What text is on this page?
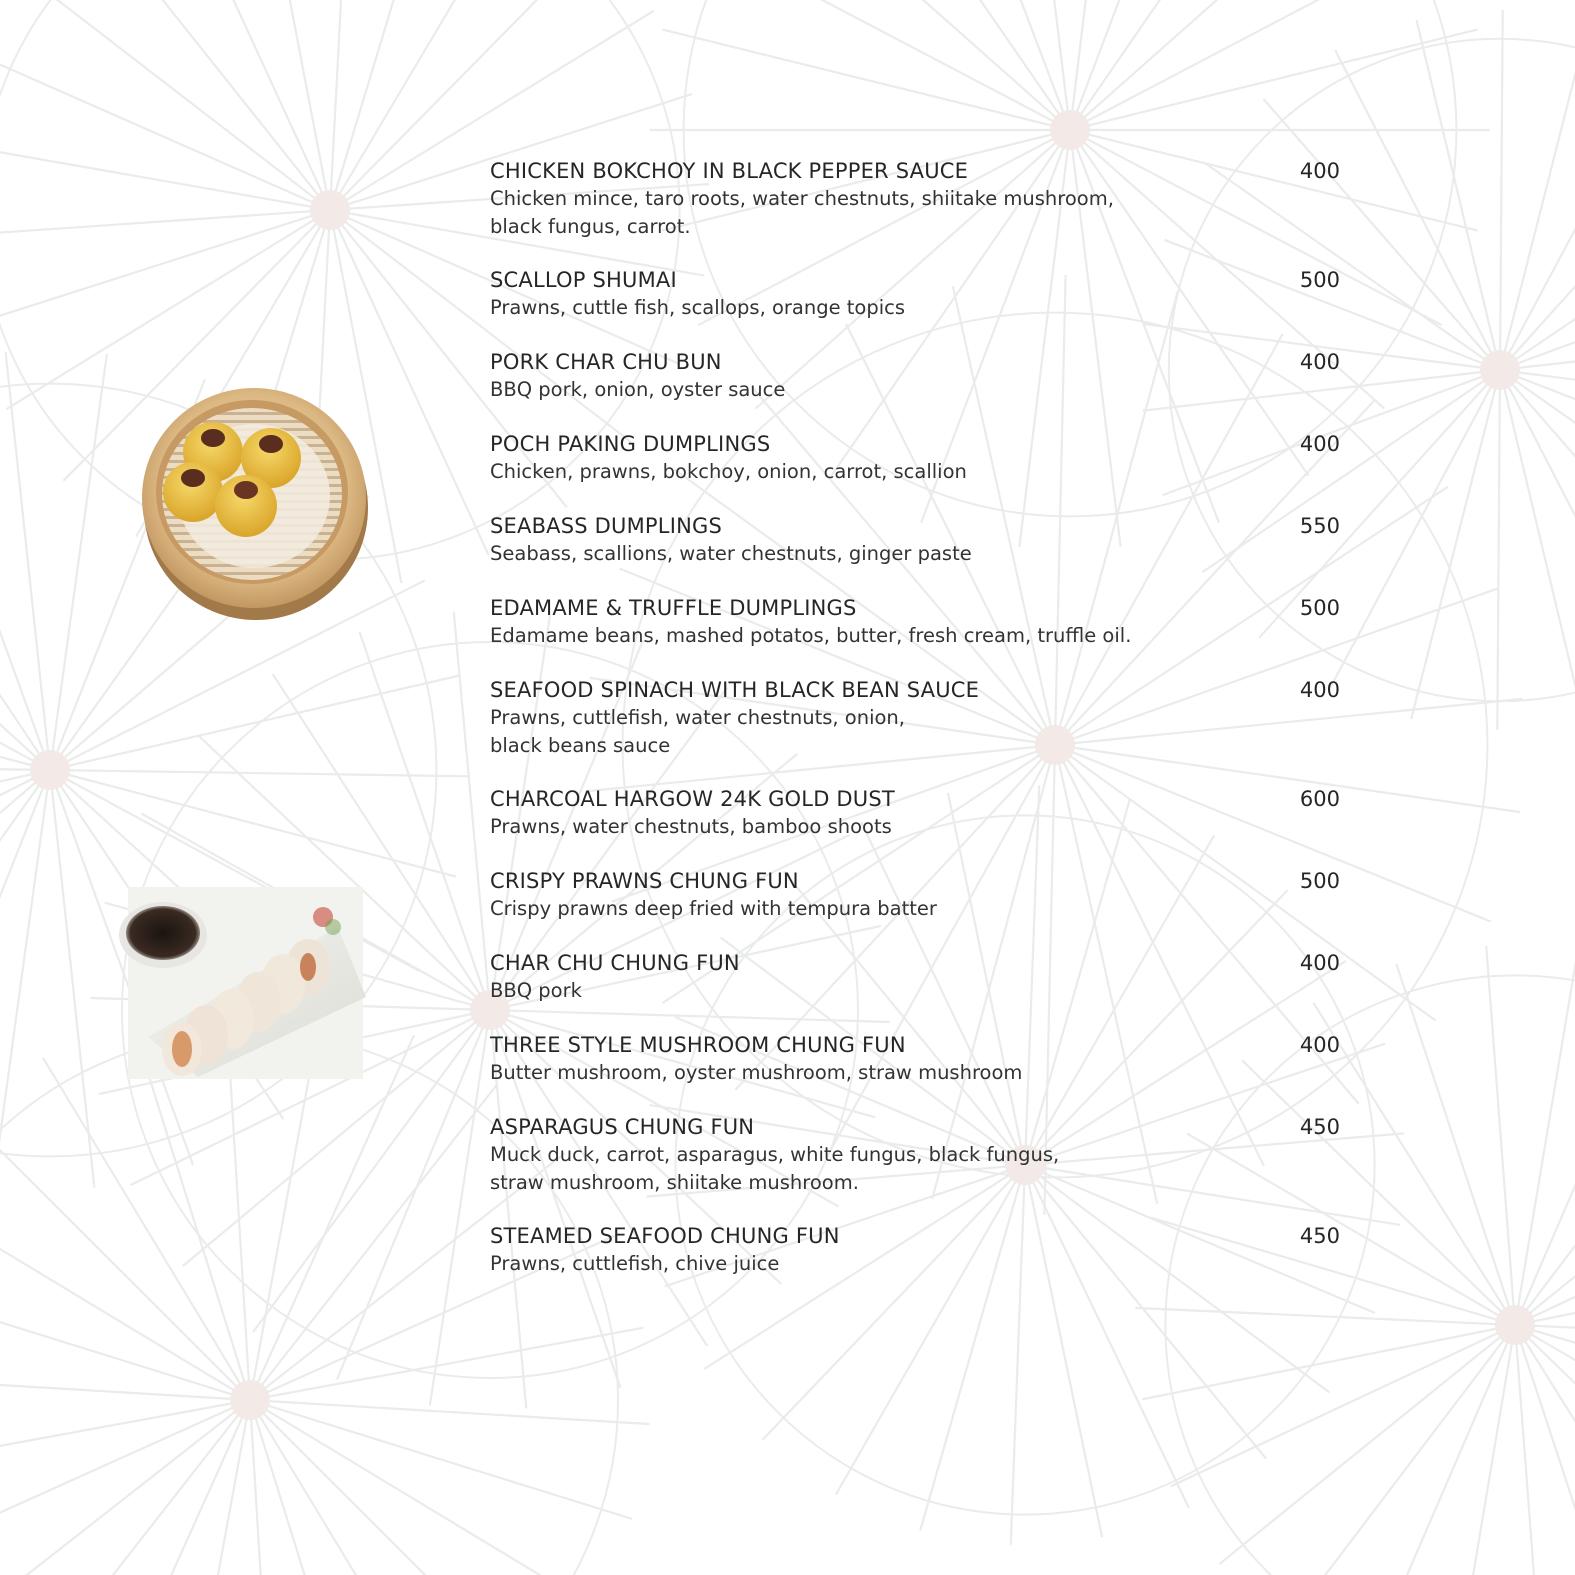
CHICKEN BOKCHOY IN BLACK PEPPER SAUCE
Chicken mince, taro roots, water chestnuts, shiitake mushroom,
black fungus, carrot.
400
SCALLOP SHUMAI
Prawns, cuttle fish, scallops, orange topics
500
PORK CHAR CHU BUN
BBQ pork, onion, oyster sauce
400
POCH PAKING DUMPLINGS
Chicken, prawns, bokchoy, onion, carrot, scallion
400
SEABASS DUMPLINGS
Seabass, scallions, water chestnuts, ginger paste
550
EDAMAME & TRUFFLE DUMPLINGS
Edamame beans, mashed potatos, butter, fresh cream, truffle oil.
500
SEAFOOD SPINACH WITH BLACK BEAN SAUCE
Prawns, cuttlefish, water chestnuts, onion,
black beans sauce
400
CHARCOAL HARGOW 24K GOLD DUST
Prawns, water chestnuts, bamboo shoots
600
CRISPY PRAWNS CHUNG FUN
Crispy prawns deep fried with tempura batter
500
CHAR CHU CHUNG FUN
BBQ pork
400
THREE STYLE MUSHROOM CHUNG FUN
Butter mushroom, oyster mushroom, straw mushroom
400
ASPARAGUS CHUNG FUN
Muck duck, carrot, asparagus, white fungus, black fungus,
straw mushroom, shiitake mushroom.
450
STEAMED SEAFOOD CHUNG FUN
Prawns, cuttlefish, chive juice
450
